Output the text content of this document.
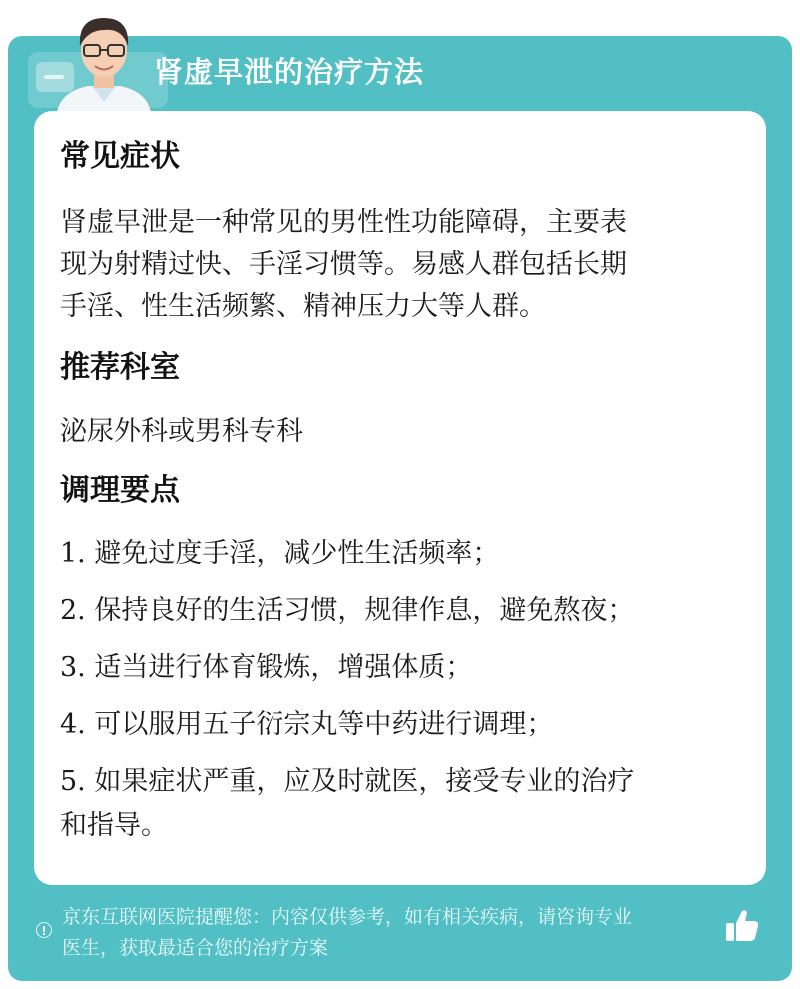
肾虚早泄的治疗方法
常见症状
肾虚早泄是一种常见的男性性功能障碍，主要表
现为射精过快、手淫习惯等。易感人群包括长期
手淫、性生活频繁、精神压力大等人群。
推荐科室
泌尿外科或男科专科
调理要点
1. 避免过度手淫，减少性生活频率；
2. 保持良好的生活习惯，规律作息，避免熬夜；
3. 适当进行体育锻炼，增强体质；
4. 可以服用五子衍宗丸等中药进行调理；
5. 如果症状严重，应及时就医，接受专业的治疗
和指导。
京东互联网医院提醒您：内容仅供参考，如有相关疾病，请咨询专业
医生，获取最适合您的治疗方案
